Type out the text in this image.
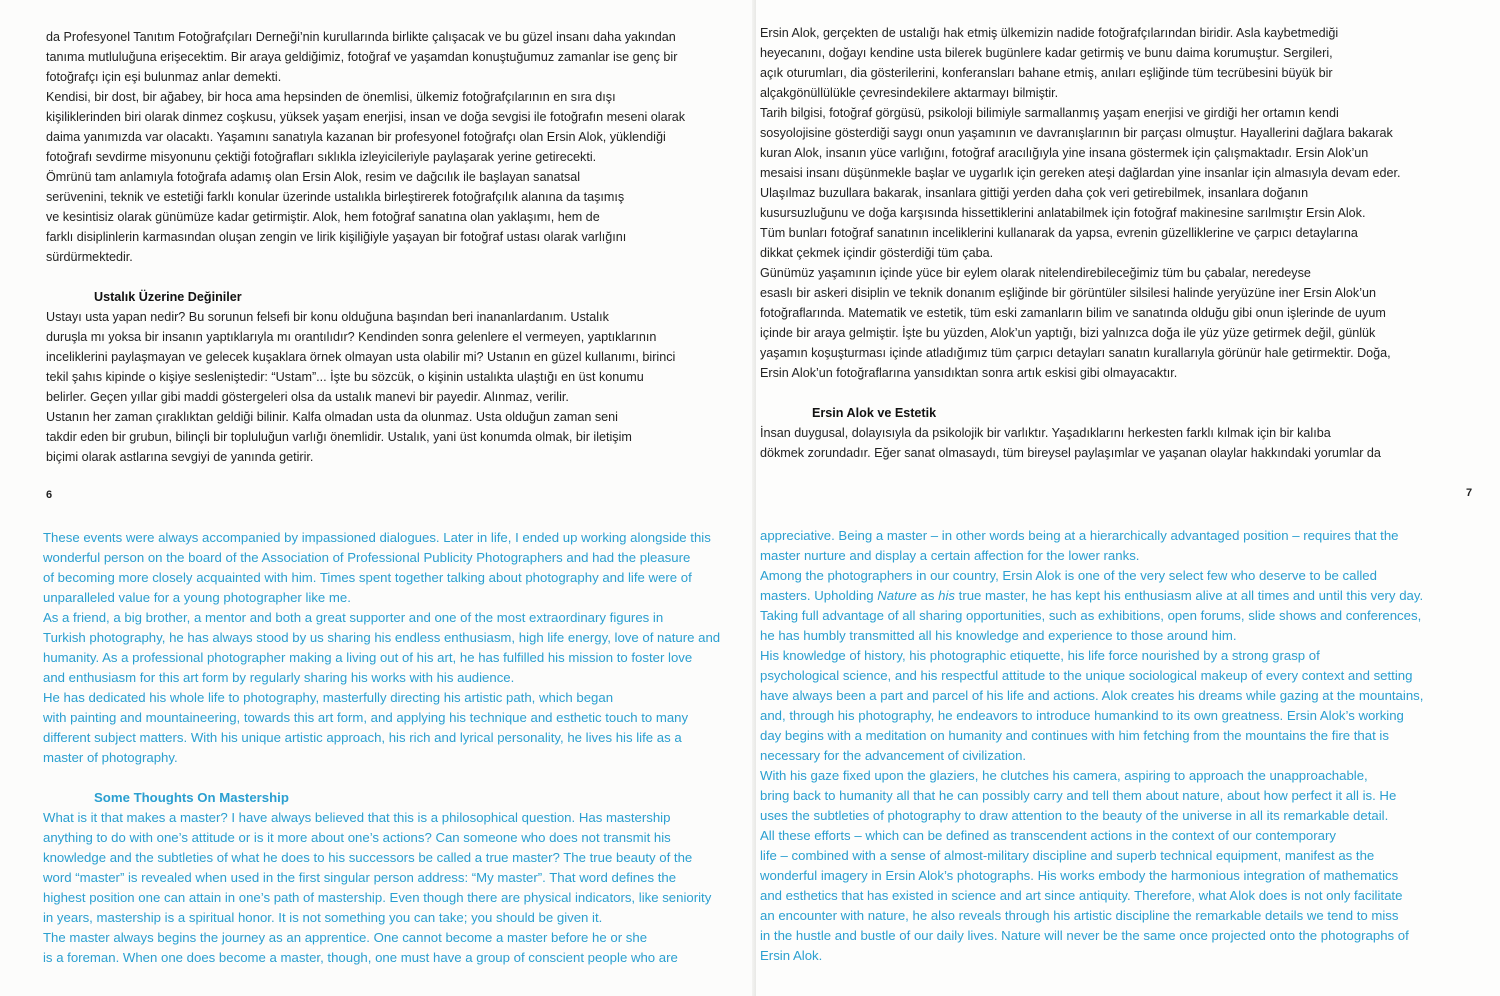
da Profesyonel Tanıtım Fotoğrafçıları Derneği’nin kurullarında birlikte çalışacak ve bu güzel insanı daha yakından
tanıma mutluluğuna erişecektim. Bir araya geldiğimiz, fotoğraf ve yaşamdan konuştuğumuz zamanlar ise genç bir
fotoğrafçı için eşi bulunmaz anlar demekti.

Kendisi, bir dost, bir ağabey, bir hoca ama hepsinden de önemlisi, ülkemiz fotoğrafçılarının en sıra dışı
kişiliklerinden biri olarak dinmez coşkusu, yüksek yaşam enerjisi, insan ve doğa sevgisi ile fotoğrafın meseni olarak
daima yanımızda var olacaktı. Yaşamını sanatıyla kazanan bir profesyonel fotoğrafçı olan Ersin Alok, yüklendiği
fotoğrafı sevdirme misyonunu çektiği fotoğrafları sıklıkla izleyicileriyle paylaşarak yerine getirecekti.

Ömrünü tam anlamıyla fotoğrafa adamış olan Ersin Alok, resim ve dağcılık ile başlayan sanatsal
serüvenini, teknik ve estetiği farklı konular üzerinde ustalıkla birleştirerek fotoğrafçılık alanına da taşımış
ve kesintisiz olarak günümüze kadar getirmiştir. Alok, hem fotoğraf sanatına olan yaklaşımı, hem de
farklı disiplinlerin karmasından oluşan zengin ve lirik kişiliğiyle yaşayan bir fotoğraf ustası olarak varlığını
sürdürmektedir.

Ustalık Üzerine Değiniler

Ustayı usta yapan nedir? Bu sorunun felsefi bir konu olduğuna başından beri inananlardanım. Ustalık
duruşla mı yoksa bir insanın yaptıklarıyla mı orantılıdır? Kendinden sonra gelenlere el vermeyen, yaptıklarının
inceliklerini paylaşmayan ve gelecek kuşaklara örnek olmayan usta olabilir mi? Ustanın en güzel kullanımı, birinci
tekil şahıs kipinde o kişiye sesleniştedir: “Ustam”... İşte bu sözcük, o kişinin ustalıkta ulaştığı en üst konumu
belirler. Geçen yıllar gibi maddi göstergeleri olsa da ustalık manevi bir payedir. Alınmaz, verilir.

Ustanın her zaman çıraklıktan geldiği bilinir. Kalfa olmadan usta da olunmaz. Usta olduğun zaman seni
takdir eden bir grubun, bilinçli bir topluluğun varlığı önemlidir. Ustalık, yani üst konumda olmak, bir iletişim
biçimi olarak astlarına sevgiyi de yanında getirir.

6

These events were always accompanied by impassioned dialogues. Later in life, I ended up working alongside this
wonderful person on the board of the Association of Professional Publicity Photographers and had the pleasure
of becoming more closely acquainted with him. Times spent together talking about photography and life were of
unparalleled value for a young photographer like me.

As a friend, a big brother, a mentor and both a great supporter and one of the most extraordinary figures in
Turkish photography, he has always stood by us sharing his endless enthusiasm, high life energy, love of nature and
humanity. As a professional photographer making a living out of his art, he has fulfilled his mission to foster love
and enthusiasm for this art form by regularly sharing his works with his audience.

He has dedicated his whole life to photography, masterfully directing his artistic path, which began
with painting and mountaineering, towards this art form, and applying his technique and esthetic touch to many
different subject matters. With his unique artistic approach, his rich and lyrical personality, he lives his life as a
master of photography.

Some Thoughts On Mastership

What is it that makes a master? I have always believed that this is a philosophical question. Has mastership
anything to do with one’s attitude or is it more about one’s actions? Can someone who does not transmit his
knowledge and the subtleties of what he does to his successors be called a true master? The true beauty of the
word “master” is revealed when used in the first singular person address: “My master”. That word defines the
highest position one can attain in one’s path of mastership. Even though there are physical indicators, like seniority
in years, mastership is a spiritual honor. It is not something you can take; you should be given it.

The master always begins the journey as an apprentice. One cannot become a master before he or she
is a foreman. When one does become a master, though, one must have a group of conscient people who are

Ersin Alok, gerçekten de ustalığı hak etmiş ülkemizin nadide fotoğrafçılarından biridir. Asla kaybetmediği
heyecanını, doğayı kendine usta bilerek bugünlere kadar getirmiş ve bunu daima korumuştur. Sergileri,
açık oturumları, dia gösterilerini, konferansları bahane etmiş, anıları eşliğinde tüm tecrübesini büyük bir
alçakgönüllülükle çevresindekilere aktarmayı bilmiştir.

Tarih bilgisi, fotoğraf görgüsü, psikoloji bilimiyle sarmallanmış yaşam enerjisi ve girdiği her ortamın kendi
sosyolojisine gösterdiği saygı onun yaşamının ve davranışlarının bir parçası olmuştur. Hayallerini dağlara bakarak
kuran Alok, insanın yüce varlığını, fotoğraf aracılığıyla yine insana göstermek için çalışmaktadır. Ersin Alok’un
mesaisi insanı düşünmekle başlar ve uygarlık için gereken ateşi dağlardan yine insanlar için almasıyla devam eder.

Ulaşılmaz buzullara bakarak, insanlara gittiği yerden daha çok veri getirebilmek, insanlara doğanın
kusursuzluğunu ve doğa karşısında hissettiklerini anlatabilmek için fotoğraf makinesine sarılmıştır Ersin Alok.
Tüm bunları fotoğraf sanatının inceliklerini kullanarak da yapsa, evrenin güzelliklerine ve çarpıcı detaylarına
dikkat çekmek içindir gösterdiği tüm çaba.

Günümüz yaşamının içinde yüce bir eylem olarak nitelendirebileceğimiz tüm bu çabalar, neredeyse
esaslı bir askeri disiplin ve teknik donanım eşliğinde bir görüntüler silsilesi halinde yeryüzüne iner Ersin Alok’un
fotoğraflarında. Matematik ve estetik, tüm eski zamanların bilim ve sanatında olduğu gibi onun işlerinde de uyum
içinde bir araya gelmiştir. İşte bu yüzden, Alok’un yaptığı, bizi yalnızca doğa ile yüz yüze getirmek değil, günlük
yaşamın koşuşturması içinde atladığımız tüm çarpıcı detayları sanatın kurallarıyla görünür hale getirmektir. Doğa,
Ersin Alok’un fotoğraflarına yansıdıktan sonra artık eskisi gibi olmayacaktır.

Ersin Alok ve Estetik

İnsan duygusal, dolayısıyla da psikolojik bir varlıktır. Yaşadıklarını herkesten farklı kılmak için bir kalıba
dökmek zorundadır. Eğer sanat olmasaydı, tüm bireysel paylaşımlar ve yaşanan olaylar hakkındaki yorumlar da

7

appreciative. Being a master – in other words being at a hierarchically advantaged position – requires that the
master nurture and display a certain affection for the lower ranks.

Among the photographers in our country, Ersin Alok is one of the very select few who deserve to be called
masters. Upholding Nature as his true master, he has kept his enthusiasm alive at all times and until this very day.
Taking full advantage of all sharing opportunities, such as exhibitions, open forums, slide shows and conferences,
he has humbly transmitted all his knowledge and experience to those around him.

His knowledge of history, his photographic etiquette, his life force nourished by a strong grasp of
psychological science, and his respectful attitude to the unique sociological makeup of every context and setting
have always been a part and parcel of his life and actions. Alok creates his dreams while gazing at the mountains,
and, through his photography, he endeavors to introduce humankind to its own greatness. Ersin Alok’s working
day begins with a meditation on humanity and continues with him fetching from the mountains the fire that is
necessary for the advancement of civilization.

With his gaze fixed upon the glaziers, he clutches his camera, aspiring to approach the unapproachable,
bring back to humanity all that he can possibly carry and tell them about nature, about how perfect it all is. He
uses the subtleties of photography to draw attention to the beauty of the universe in all its remarkable detail.

All these efforts – which can be defined as transcendent actions in the context of our contemporary
life – combined with a sense of almost-military discipline and superb technical equipment, manifest as the
wonderful imagery in Ersin Alok’s photographs. His works embody the harmonious integration of mathematics
and esthetics that has existed in science and art since antiquity. Therefore, what Alok does is not only facilitate
an encounter with nature, he also reveals through his artistic discipline the remarkable details we tend to miss
in the hustle and bustle of our daily lives. Nature will never be the same once projected onto the photographs of
Ersin Alok.
